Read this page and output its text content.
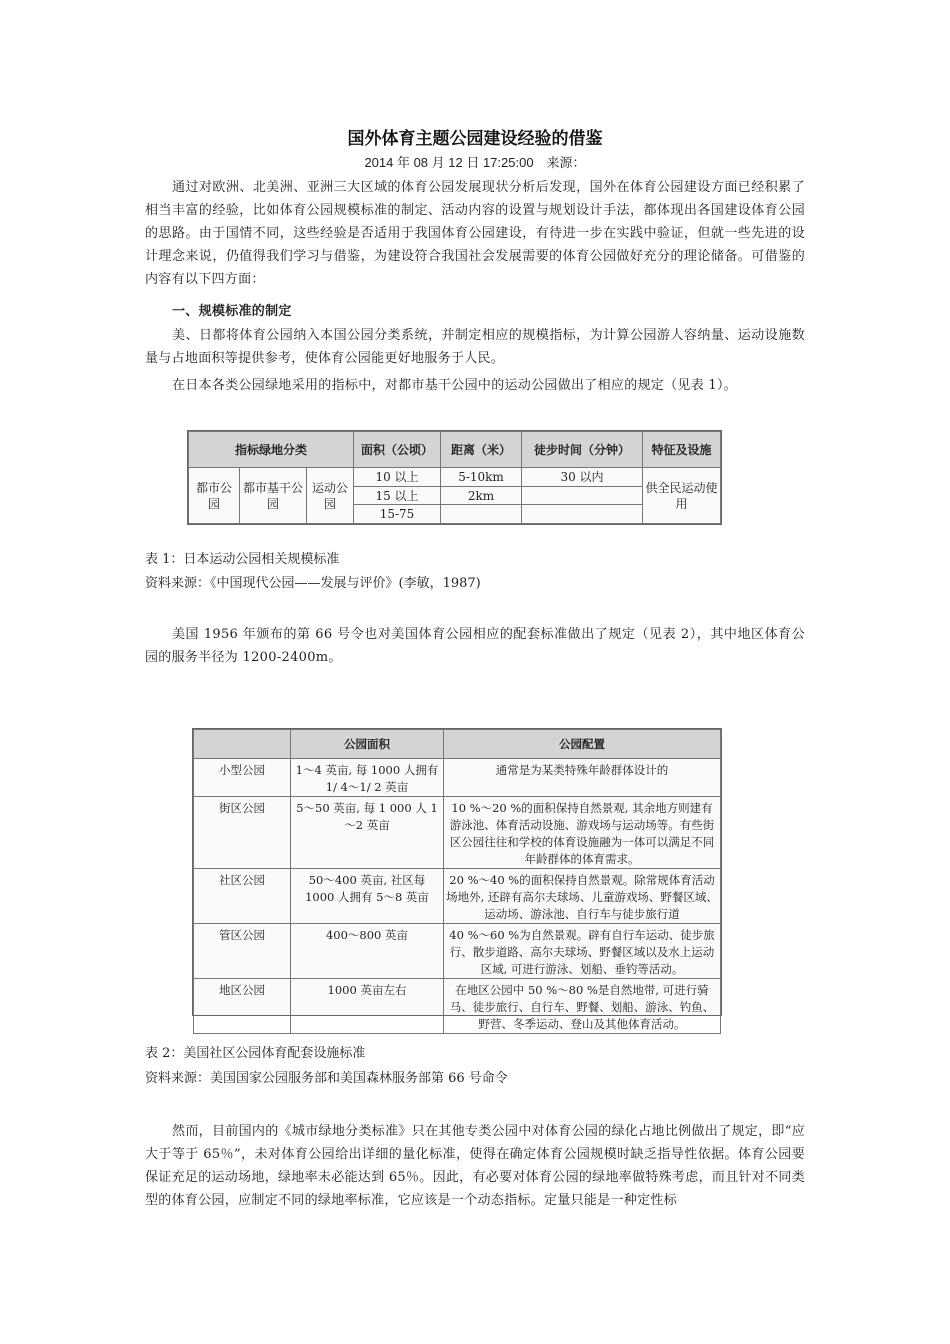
国外体育主题公园建设经验的借鉴
2014 年 08 月 12 日 17:25:00　来源：
通过对欧洲、北美洲、亚洲三大区域的体育公园发展现状分析后发现，国外在体育公园建设方面已经积累了相当丰富的经验，比如体育公园规模标准的制定、活动内容的设置与规划设计手法，都体现出各国建设体育公园的思路。由于国情不同，这些经验是否适用于我国体育公园建设，有待进一步在实践中验证，但就一些先进的设计理念来说，仍值得我们学习与借鉴，为建设符合我国社会发展需要的体育公园做好充分的理论储备。可借鉴的内容有以下四方面：
一、规模标准的制定
美、日都将体育公园纳入本国公园分类系统，并制定相应的规模指标，为计算公园游人容纳量、运动设施数量与占地面积等提供参考，使体育公园能更好地服务于人民。
在日本各类公园绿地采用的指标中，对都市基干公园中的运动公园做出了相应的规定（见表 1）。
指标绿地分类			面积（公顷）	距离（米）	徒步时间（分钟）	特征及设施
都市公园	都市基干公园	运动公园	10 以上	5-10km	30 以内	供全民运动使用
			15 以上	2km		
			15-75			
表 1：日本运动公园相关规模标准
资料来源：《中国现代公园——发展与评价》(李敏，1987)
美国 1956 年颁布的第 66 号令也对美国体育公园相应的配套标准做出了规定（见表 2），其中地区体育公园的服务半径为 1200-2400m。
	公园面积	公园配置
小型公园	1～4 英亩, 每 1000 人拥有 1/ 4～1/ 2 英亩	通常是为某类特殊年龄群体设计的
街区公园	5～50 英亩, 每 1 000 人 1～2 英亩	10 %～20 %的面积保持自然景观, 其余地方则建有游泳池、体育活动设施、游戏场与运动场等。有些街区公园往往和学校的体育设施融为一体可以满足不同年龄群体的体育需求。
社区公园	50～400 英亩, 社区每 1000 人拥有 5～8 英亩	20 %～40 %的面积保持自然景观。除常规体育活动场地外, 还辟有高尔夫球场、儿童游戏场、野餐区域、运动场、游泳池、自行车与徒步旅行道
管区公园	400～800 英亩	40 %～60 %为自然景观。辟有自行车运动、徒步旅行、散步道路、高尔夫球场、野餐区域以及水上运动区域, 可进行游泳、划船、垂钓等活动。
地区公园	1000 英亩左右	在地区公园中 50 %～80 %是自然地带, 可进行骑马、徒步旅行、自行车、野餐、划船、游泳、钓鱼、野营、冬季运动、登山及其他体育活动。
表 2：美国社区公园体育配套设施标准
资料来源：美国国家公园服务部和美国森林服务部第 66 号命令
然而，目前国内的《城市绿地分类标准》只在其他专类公园中对体育公园的绿化占地比例做出了规定，即“应大于等于 65％”，未对体育公园给出详细的量化标准，使得在确定体育公园规模时缺乏指导性依据。体育公园要保证充足的运动场地，绿地率未必能达到 65％。因此，有必要对体育公园的绿地率做特殊考虑，而且针对不同类型的体育公园，应制定不同的绿地率标准，它应该是一个动态指标。定量只能是一种定性标
